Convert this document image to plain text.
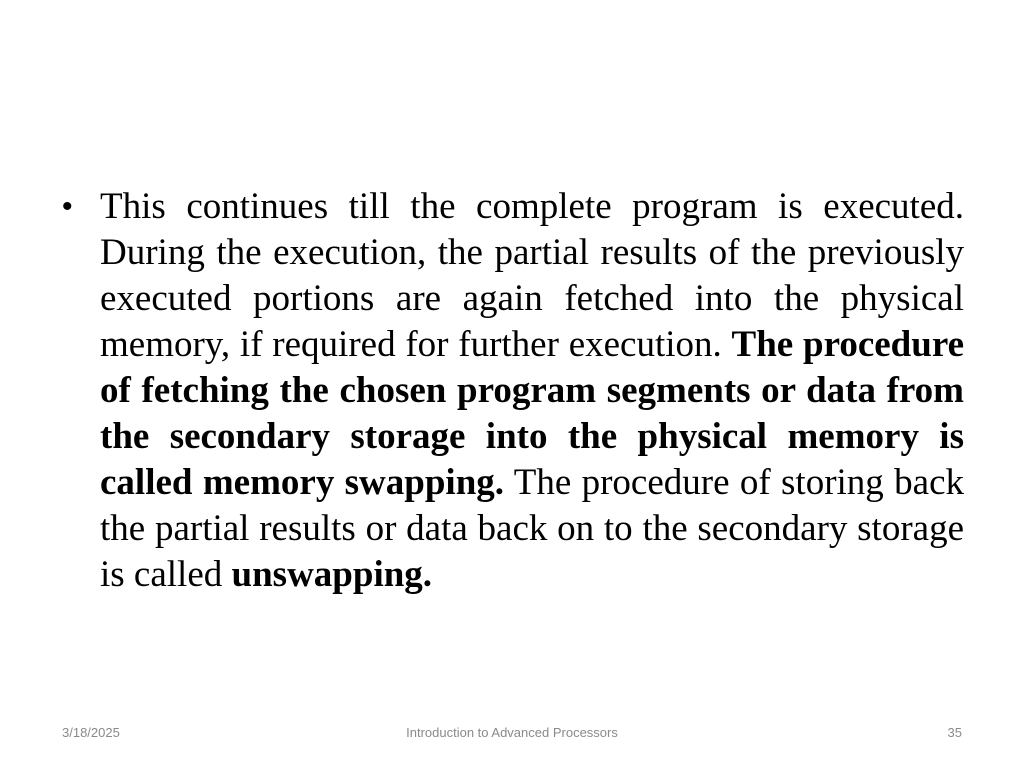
• This continues till the complete program is executed. During the execution, the partial results of the previously executed portions are again fetched into the physical memory, if required for further execution. The procedure of fetching the chosen program segments or data from the secondary storage into the physical memory is called memory swapping. The procedure of storing back the partial results or data back on to the secondary storage is called unswapping.
3/18/2025	Introduction to Advanced Processors	35
